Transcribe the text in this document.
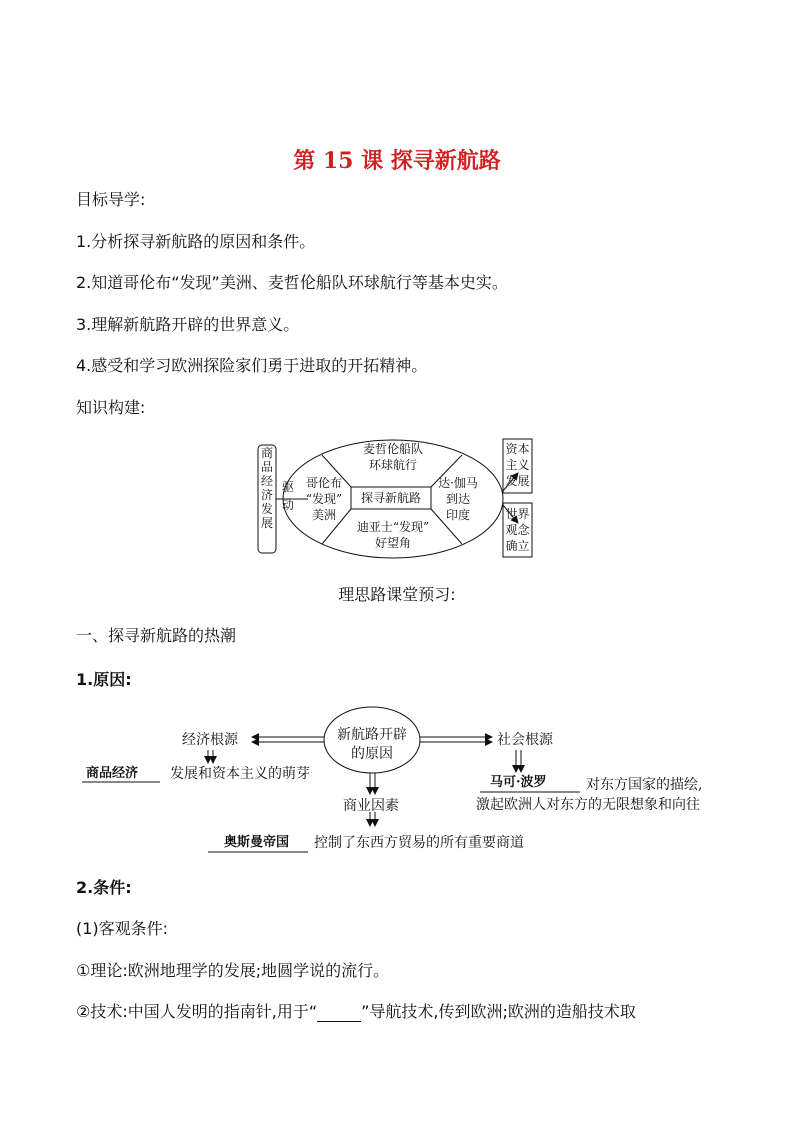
第 15 课 探寻新航路
目标导学:
1.分析探寻新航路的原因和条件。
2.知道哥伦布“发现”美洲、麦哲伦船队环球航行等基本史实。
3.理解新航路开辟的世界意义。
4.感受和学习欧洲探险家们勇于进取的开拓精神。
知识构建:
商品经济发展
驱动
麦哲伦船队
环球航行
哥伦布
“发现”
美洲
探寻新航路
达·伽马
到达
印度
迪亚士“发现”
好望角
资本
主义
发展
世界
观念
确立
理思路课堂预习:
一、探寻新航路的热潮
1.原因:
新航路开辟
的原因
经济根源
商品经济 发展和资本主义的萌芽
社会根源
马可·波罗	对东方国家的描绘,
激起欧洲人对东方的无限想象和向往
商业因素
奥斯曼帝国 控制了东西方贸易的所有重要商道
2.条件:
(1)客观条件:
①理论:欧洲地理学的发展;地圆学说的流行。
②技术:中国人发明的指南针,用于“	”导航技术,传到欧洲;欧洲的造船技术取
